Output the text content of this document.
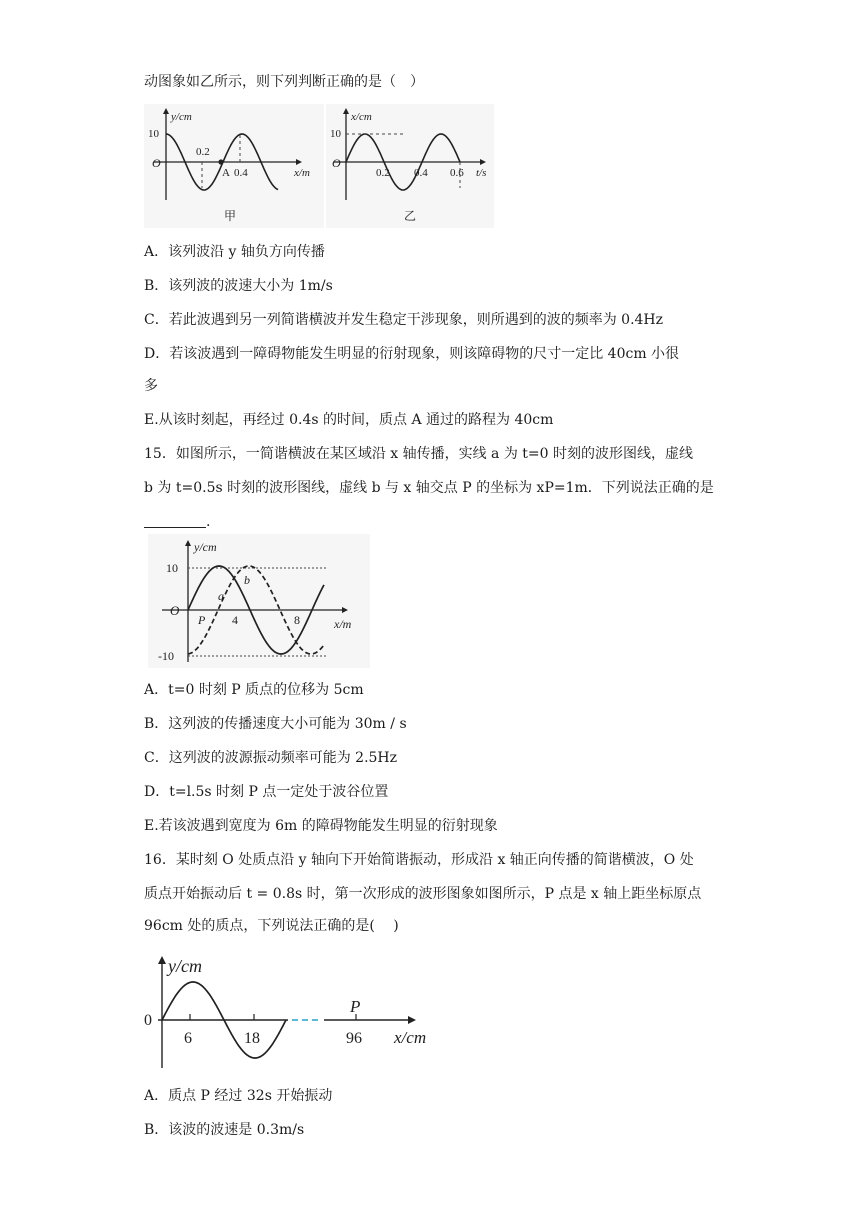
动图象如乙所示，则下列判断正确的是（　）
y/cm
10
O
0.2
A 0.4	x/m
甲
x/cm
10
O
0.2 0.4 0.6 t/s
乙
A．该列波沿 y 轴负方向传播
B．该列波的波速大小为 1m/s
C．若此波遇到另一列简谐横波并发生稳定干涉现象，则所遇到的波的频率为 0.4Hz
D．若该波遇到一障碍物能发生明显的衍射现象，则该障碍物的尺寸一定比 40cm 小很
多
E.从该时刻起，再经过 0.4s 的时间，质点 A 通过的路程为 40cm
15．如图所示，一简谐横波在某区域沿 x 轴传播，实线 a 为 t=0 时刻的波形图线，虚线
b 为 t=0.5s 时刻的波形图线，虚线 b 与 x 轴交点 P 的坐标为 xP=1m．下列说法正确的是
.
y/cm
10
-10
O
P 4	8	x/m
a
b
A．t=0 时刻 P 质点的位移为 5cm
B．这列波的传播速度大小可能为 30m / s
C．这列波的波源振动频率可能为 2.5Hz
D．t=l.5s 时刻 P 点一定处于波谷位置
E.若该波遇到宽度为 6m 的障碍物能发生明显的衍射现象
16．某时刻 O 处质点沿 y 轴向下开始简谐振动，形成沿 x 轴正向传播的简谐横波，O 处
质点开始振动后 t = 0.8s 时，第一次形成的波形图象如图所示，P 点是 x 轴上距坐标原点
96cm 处的质点，下列说法正确的是(　 )
y/cm
0
6	18	96
P
x/cm
A．质点 P 经过 32s 开始振动
B．该波的波速是 0.3m/s
